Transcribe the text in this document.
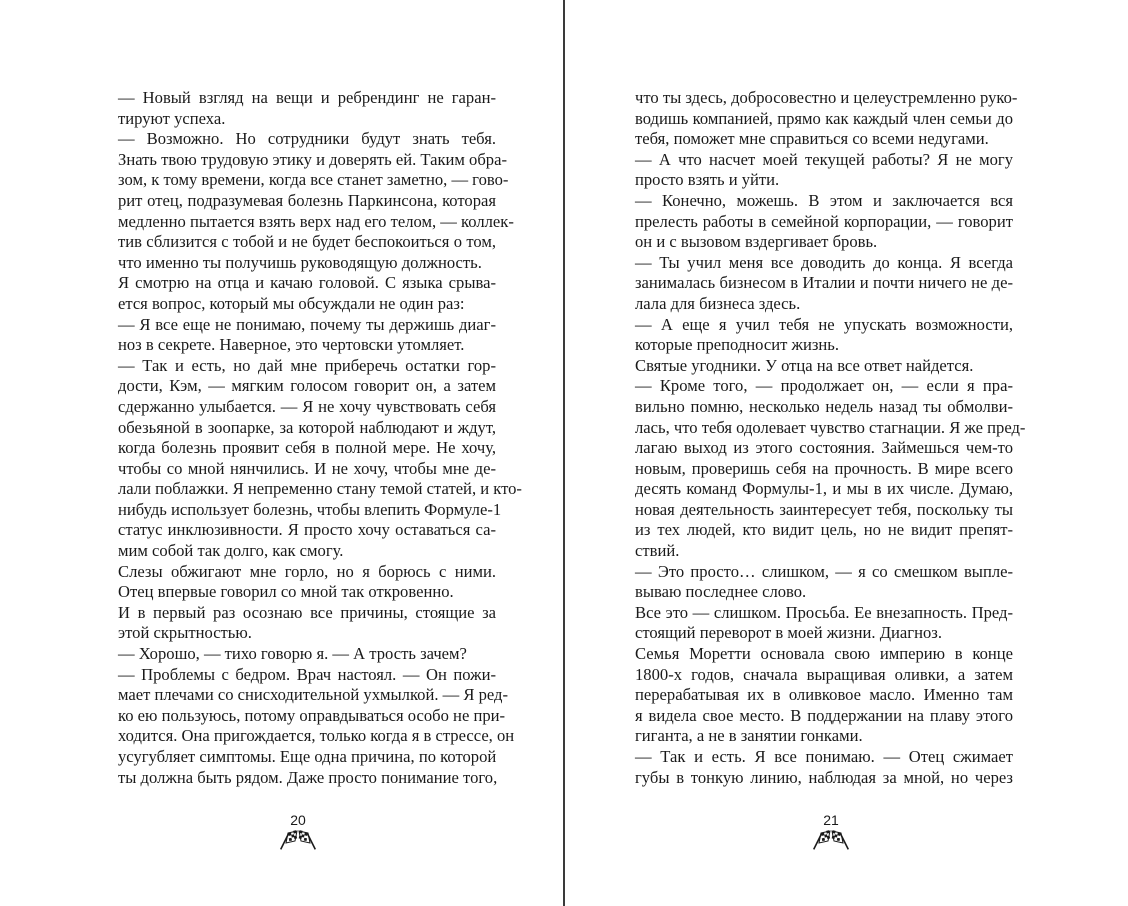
— Новый взгляд на вещи и ребрендинг не гаран-
тируют успеха.
— Возможно. Но сотрудники будут знать тебя.
Знать твою трудовую этику и доверять ей. Таким обра-
зом, к тому времени, когда все станет заметно, — гово-
рит отец, подразумевая болезнь Паркинсона, которая
медленно пытается взять верх над его телом, — коллек-
тив сблизится с тобой и не будет беспокоиться о том,
что именно ты получишь руководящую должность.
Я смотрю на отца и качаю головой. С языка срыва-
ется вопрос, который мы обсуждали не один раз:
— Я все еще не понимаю, почему ты держишь диаг-
ноз в секрете. Наверное, это чертовски утомляет.
— Так и есть, но дай мне приберечь остатки гор-
дости, Кэм, — мягким голосом говорит он, а затем
сдержанно улыбается. — Я не хочу чувствовать себя
обезьяной в зоопарке, за которой наблюдают и ждут,
когда болезнь проявит себя в полной мере. Не хочу,
чтобы со мной нянчились. И не хочу, чтобы мне де-
лали поблажки. Я непременно стану темой статей, и кто-
нибудь использует болезнь, чтобы влепить Формуле-1
статус инклюзивности. Я просто хочу оставаться са-
мим собой так долго, как смогу.
Слезы обжигают мне горло, но я борюсь с ними.
Отец впервые говорил со мной так откровенно.
И в первый раз осознаю все причины, стоящие за
этой скрытностью.
— Хорошо, — тихо говорю я. — А трость зачем?
— Проблемы с бедром. Врач настоял. — Он пожи-
мает плечами со снисходительной ухмылкой. — Я ред-
ко ею пользуюсь, потому оправдываться особо не при-
ходится. Она пригождается, только когда я в стрессе, он
усугубляет симптомы. Еще одна причина, по которой
ты должна быть рядом. Даже просто понимание того,
что ты здесь, добросовестно и целеустремленно руко-
водишь компанией, прямо как каждый член семьи до
тебя, поможет мне справиться со всеми недугами.
— А что насчет моей текущей работы? Я не могу
просто взять и уйти.
— Конечно, можешь. В этом и заключается вся
прелесть работы в семейной корпорации, — говорит
он и с вызовом вздергивает бровь.
— Ты учил меня все доводить до конца. Я всегда
занималась бизнесом в Италии и почти ничего не де-
лала для бизнеса здесь.
— А еще я учил тебя не упускать возможности,
которые преподносит жизнь.
Святые угодники. У отца на все ответ найдется.
— Кроме того, — продолжает он, — если я пра-
вильно помню, несколько недель назад ты обмолви-
лась, что тебя одолевает чувство стагнации. Я же пред-
лагаю выход из этого состояния. Займешься чем-то
новым, проверишь себя на прочность. В мире всего
десять команд Формулы-1, и мы в их числе. Думаю,
новая деятельность заинтересует тебя, поскольку ты
из тех людей, кто видит цель, но не видит препят-
ствий.
— Это просто… слишком, — я со смешком выпле-
вываю последнее слово.
Все это — слишком. Просьба. Ее внезапность. Пред-
стоящий переворот в моей жизни. Диагноз.
Семья Моретти основала свою империю в конце
1800-х годов, сначала выращивая оливки, а затем
перерабатывая их в оливковое масло. Именно там
я видела свое место. В поддержании на плаву этого
гиганта, а не в занятии гонками.
— Так и есть. Я все понимаю. — Отец сжимает
губы в тонкую линию, наблюдая за мной, но через
20	21
